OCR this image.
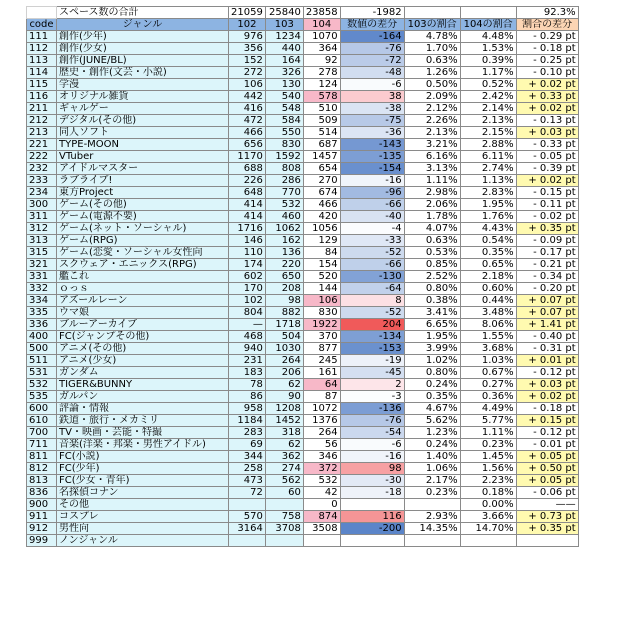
	スペース数の合計	21059	25840	23858	-1982			92.3%
code	ジャンル	102	103	104	数値の差分	103の割合	104の割合	割合の差分
111	創作(少年)	976	1234	1070	-164	4.78%	4.48%	- 0.29 pt
112	創作(少女)	356	440	364	-76	1.70%	1.53%	- 0.18 pt
113	創作(JUNE/BL)	152	164	92	-72	0.63%	0.39%	- 0.25 pt
114	歴史・創作(文芸・小説)	272	326	278	-48	1.26%	1.17%	- 0.10 pt
115	学漫	106	130	124	-6	0.50%	0.52%	+ 0.02 pt
116	オリジナル雑貨	442	540	578	38	2.09%	2.42%	+ 0.33 pt
211	ギャルゲー	416	548	510	-38	2.12%	2.14%	+ 0.02 pt
212	デジタル(その他)	472	584	509	-75	2.26%	2.13%	- 0.13 pt
213	同人ソフト	466	550	514	-36	2.13%	2.15%	+ 0.03 pt
221	TYPE-MOON	656	830	687	-143	3.21%	2.88%	- 0.33 pt
222	VTuber	1170	1592	1457	-135	6.16%	6.11%	- 0.05 pt
232	アイドルマスター	688	808	654	-154	3.13%	2.74%	- 0.39 pt
233	ラブライブ!	226	286	270	-16	1.11%	1.13%	+ 0.02 pt
234	東方Project	648	770	674	-96	2.98%	2.83%	- 0.15 pt
300	ゲーム(その他)	414	532	466	-66	2.06%	1.95%	- 0.11 pt
311	ゲーム(電源不要)	414	460	420	-40	1.78%	1.76%	- 0.02 pt
312	ゲーム(ネット・ソーシャル)	1716	1062	1056	-4	4.07%	4.43%	+ 0.35 pt
313	ゲーム(RPG)	146	162	129	-33	0.63%	0.54%	- 0.09 pt
315	ゲーム(恋愛・ソーシャル女性向	110	136	84	-52	0.53%	0.35%	- 0.17 pt
321	スクウェア・エニックス(RPG)	174	220	154	-66	0.85%	0.65%	- 0.21 pt
331	艦これ	602	650	520	-130	2.52%	2.18%	- 0.34 pt
332	ｏっｓ	170	208	144	-64	0.80%	0.60%	- 0.20 pt
334	アズールレーン	102	98	106	8	0.38%	0.44%	+ 0.07 pt
335	ウマ娘	804	882	830	-52	3.41%	3.48%	+ 0.07 pt
336	ブルーアーカイブ	—	1718	1922	204	6.65%	8.06%	+ 1.41 pt
400	FC(ジャンプその他)	468	504	370	-134	1.95%	1.55%	- 0.40 pt
500	アニメ(その他)	940	1030	877	-153	3.99%	3.68%	- 0.31 pt
511	アニメ(少女)	231	264	245	-19	1.02%	1.03%	+ 0.01 pt
531	ガンダム	183	206	161	-45	0.80%	0.67%	- 0.12 pt
532	TIGER&BUNNY	78	62	64	2	0.24%	0.27%	+ 0.03 pt
535	ガルパン	86	90	87	-3	0.35%	0.36%	+ 0.02 pt
600	評論・情報	958	1208	1072	-136	4.67%	4.49%	- 0.18 pt
610	鉄道・旅行・メカミリ	1184	1452	1376	-76	5.62%	5.77%	+ 0.15 pt
700	TV・映画・芸能・特撮	283	318	264	-54	1.23%	1.11%	- 0.12 pt
711	音楽(洋楽・邦楽・男性アイドル)	69	62	56	-6	0.24%	0.23%	- 0.01 pt
811	FC(小説)	344	362	346	-16	1.40%	1.45%	+ 0.05 pt
812	FC(少年)	258	274	372	98	1.06%	1.56%	+ 0.50 pt
813	FC(少女・青年)	473	562	532	-30	2.17%	2.23%	+ 0.05 pt
836	名探偵コナン	72	60	42	-18	0.23%	0.18%	- 0.06 pt
900	その他			0			0.00%	——
911	コスプレ	570	758	874	116	2.93%	3.66%	+ 0.73 pt
912	男性向	3164	3708	3508	-200	14.35%	14.70%	+ 0.35 pt
999	ノンジャンル							
